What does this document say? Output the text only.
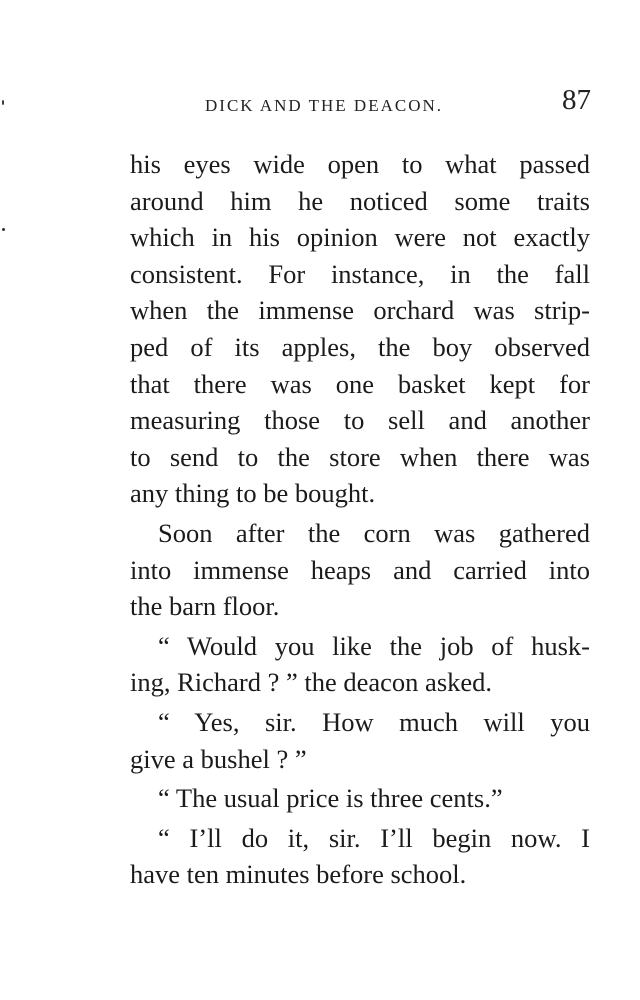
DICK AND THE DEACON.	87

his eyes wide open to what passed
around him he noticed some traits
which in his opinion were not exactly
consistent. For instance, in the fall
when the immense orchard was strip-
ped of its apples, the boy observed
that there was one basket kept for
measuring those to sell and another
to send to the store when there was
any thing to be bought.

Soon after the corn was gathered
into immense heaps and carried into
the barn floor.

“ Would you like the job of husk-
ing, Richard ? ” the deacon asked.

“ Yes, sir. How much will you
give a bushel ? ”

“ The usual price is three cents.”

“ I’ll do it, sir. I’ll begin now. I
have ten minutes before school.
